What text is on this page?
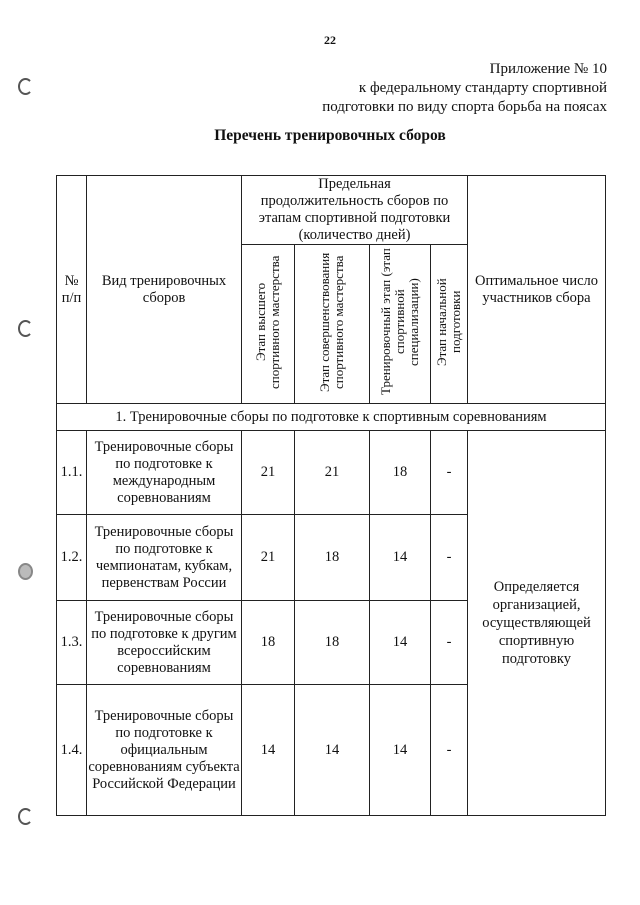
22
Приложение № 10
к федеральному стандарту спортивной
подготовки по виду спорта борьба на поясах
Перечень тренировочных сборов
№
п/п	Вид тренировочных сборов	Предельная продолжительность сборов по этапам спортивной подготовки (количество дней)				Оптимальное число участников сбора
		Этап высшего спортивного мастерства	Этап совершенствования спортивного мастерства	Тренировочный этап (этап спортивной специализации)	Этап начальной подготовки	
1. Тренировочные сборы по подготовке к спортивным соревнованиям						
1.1.	Тренировочные сборы по подготовке к международным соревнованиям	21	21	18	-	Определяется организацией, осуществляющей спортивную подготовку
1.2.	Тренировочные сборы по подготовке к чемпионатам, кубкам, первенствам России	21	18	14	-	
1.3.	Тренировочные сборы по подготовке к другим всероссийским соревнованиям	18	18	14	-	
1.4.	Тренировочные сборы по подготовке к официальным соревнованиям субъекта Российской Федерации	14	14	14	-	
